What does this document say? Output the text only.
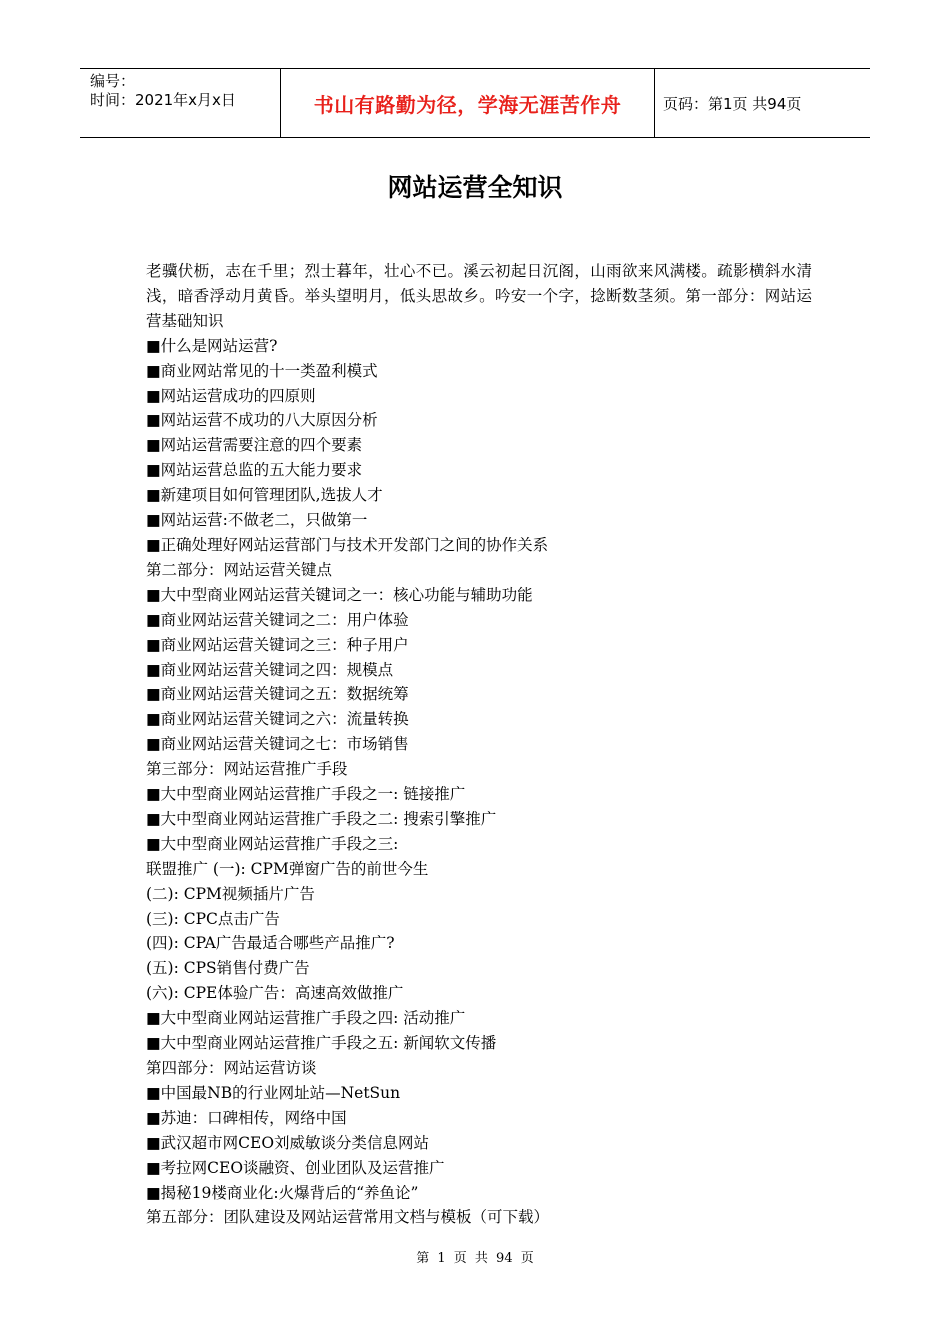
编号：
时间：2021年x月x日	书山有路勤为径，学海无涯苦作舟	页码：第1页 共94页
网站运营全知识

老骥伏枥，志在千里；烈士暮年，壮心不已。溪云初起日沉阁，山雨欲来风满楼。疏影横斜水清浅，暗香浮动月黄昏。举头望明月，低头思故乡。吟安一个字，捻断数茎须。第一部分：网站运营基础知识

■什么是网站运营?
■商业网站常见的十一类盈利模式
■网站运营成功的四原则
■网站运营不成功的八大原因分析
■网站运营需要注意的四个要素
■网站运营总监的五大能力要求
■新建项目如何管理团队,选拔人才
■网站运营:不做老二，只做第一
■正确处理好网站运营部门与技术开发部门之间的协作关系
第二部分：网站运营关键点
■大中型商业网站运营关键词之一：核心功能与辅助功能
■商业网站运营关键词之二：用户体验
■商业网站运营关键词之三：种子用户
■商业网站运营关键词之四：规模点
■商业网站运营关键词之五：数据统筹
■商业网站运营关键词之六：流量转换
■商业网站运营关键词之七：市场销售
第三部分：网站运营推广手段
■大中型商业网站运营推广手段之一: 链接推广
■大中型商业网站运营推广手段之二: 搜索引擎推广
■大中型商业网站运营推广手段之三:
联盟推广 (一): CPM弹窗广告的前世今生
(二): CPM视频插片广告
(三): CPC点击广告
(四): CPA广告最适合哪些产品推广?
(五): CPS销售付费广告
(六): CPE体验广告：高速高效做推广
■大中型商业网站运营推广手段之四: 活动推广
■大中型商业网站运营推广手段之五: 新闻软文传播
第四部分：网站运营访谈
■中国最NB的行业网址站—NetSun
■苏迪：口碑相传，网络中国
■武汉超市网CEO刘威敏谈分类信息网站
■考拉网CEO谈融资、创业团队及运营推广
■揭秘19楼商业化:火爆背后的“养鱼论”
第五部分：团队建设及网站运营常用文档与模板（可下载）
第 1 页 共 94 页
